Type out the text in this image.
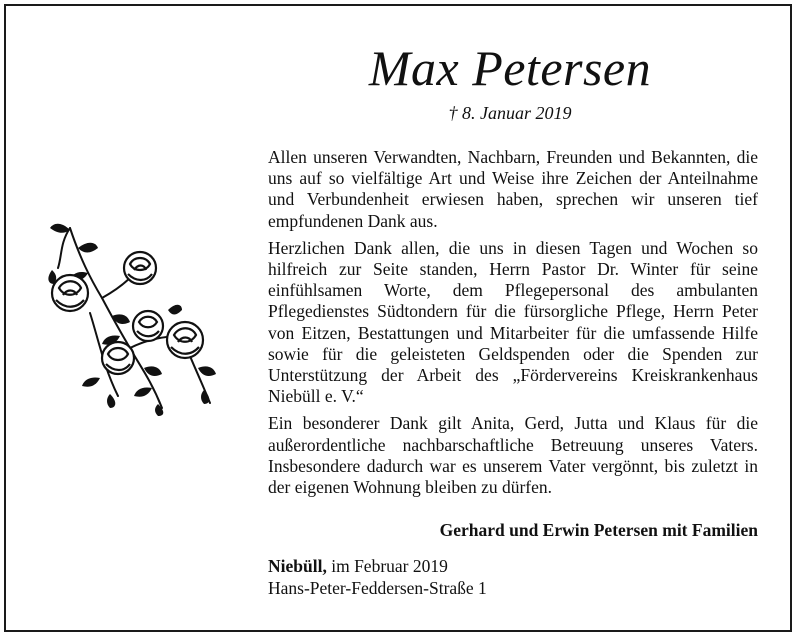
Max Petersen
† 8. Januar 2019

Allen unseren Verwandten, Nachbarn, Freunden und Bekannten, die uns auf so vielfältige Art und Weise ihre Zeichen der Anteilnahme und Verbundenheit erwiesen haben, sprechen wir unseren tief empfundenen Dank aus.

Herzlichen Dank allen, die uns in diesen Tagen und Wochen so hilfreich zur Seite standen, Herrn Pastor Dr. Winter für seine einfühlsamen Worte, dem Pflegepersonal des ambulanten Pflegedienstes Südtondern für die fürsorgliche Pflege, Herrn Peter von Eitzen, Bestattungen und Mitarbeiter für die umfassende Hilfe sowie für die geleisteten Geldspenden oder die Spenden zur Unterstützung der Arbeit des „Fördervereins Kreiskrankenhaus Niebüll e. V.“

Ein besonderer Dank gilt Anita, Gerd, Jutta und Klaus für die außerordentliche nachbarschaftliche Betreuung unseres Vaters. Insbesondere dadurch war es unserem Vater vergönnt, bis zuletzt in der eigenen Wohnung bleiben zu dürfen.

Gerhard und Erwin Petersen mit Familien
Niebüll, im Februar 2019
Hans-Peter-Feddersen-Straße 1
